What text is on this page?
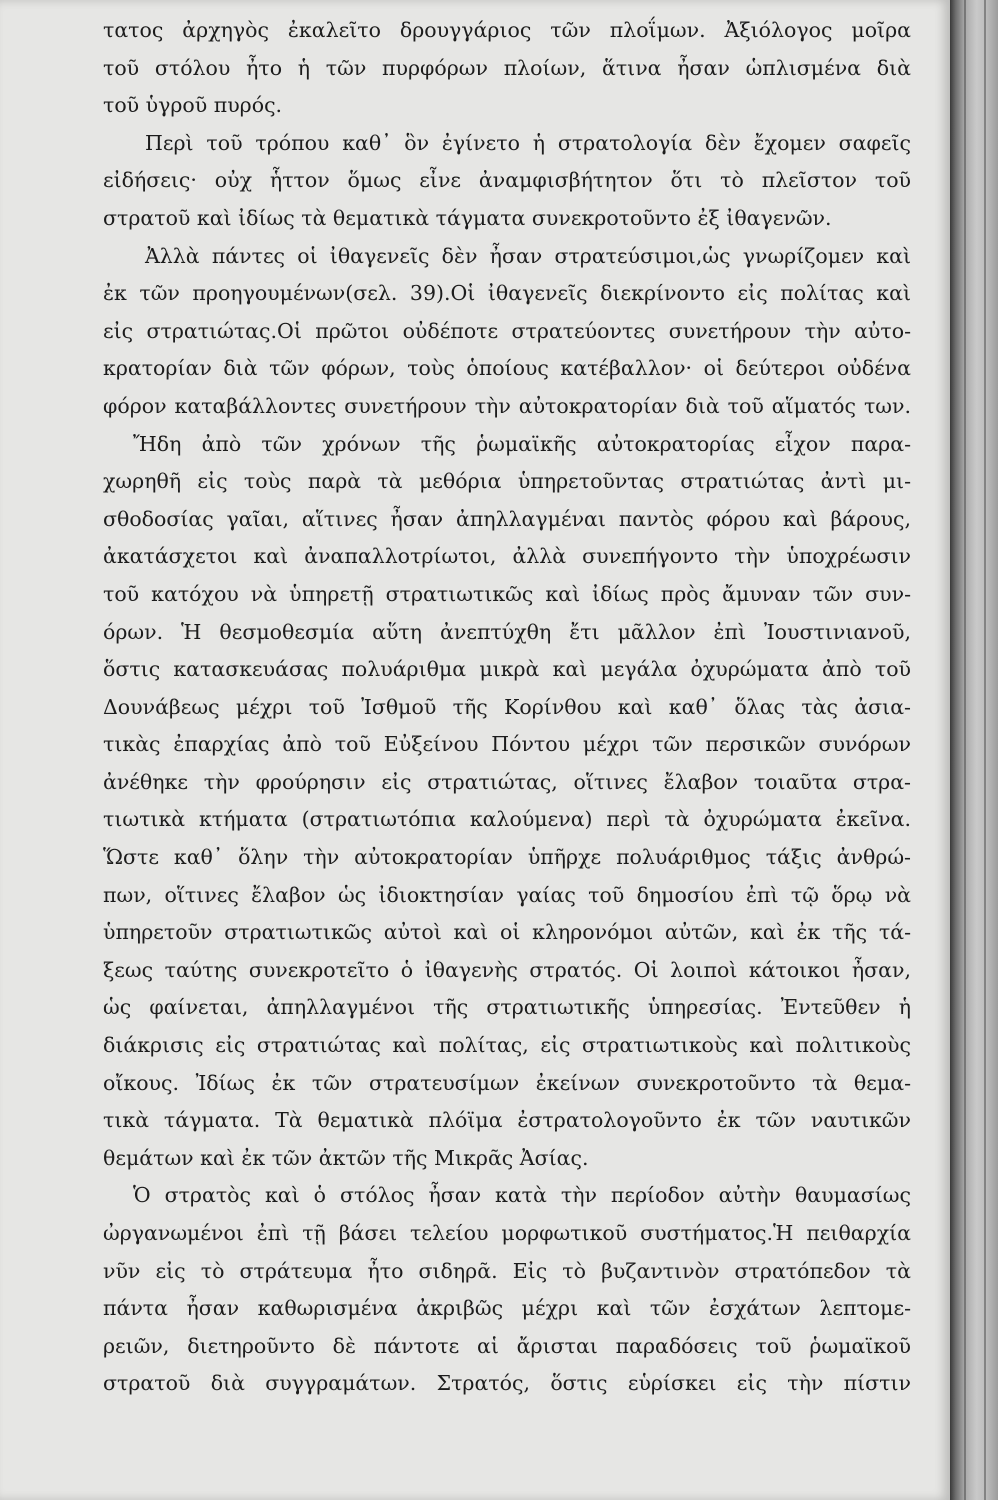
τατος ἀρχηγὸς ἐκαλεῖτο δρουγγάριος τῶν πλοΐμων. Ἀξιόλογος μοῖρα
τοῦ στόλου ἦτο ἡ τῶν πυρφόρων πλοίων, ἅτινα ἦσαν ὡπλισμένα διὰ
τοῦ ὑγροῦ πυρός.
Περὶ τοῦ τρόπου καθ᾽ ὃν ἐγίνετο ἡ στρατολογία δὲν ἔχομεν σαφεῖς
εἰδήσεις· οὐχ ἧττον ὅμως εἶνε ἀναμφισβήτητον ὅτι τὸ πλεῖστον τοῦ
στρατοῦ καὶ ἰδίως τὰ θεματικὰ τάγματα συνεκροτοῦντο ἐξ ἰθαγενῶν.
Ἀλλὰ πάντες οἱ ἰθαγενεῖς δὲν ἦσαν στρατεύσιμοι,ὡς γνωρίζομεν καὶ
ἐκ τῶν προηγουμένων(σελ. 39).Οἱ ἰθαγενεῖς διεκρίνοντο εἰς πολίτας καὶ
εἰς στρατιώτας.Οἱ πρῶτοι οὐδέποτε στρατεύοντες συνετήρουν τὴν αὐτο-
κρατορίαν διὰ τῶν φόρων, τοὺς ὁποίους κατέβαλλον· οἱ δεύτεροι οὐδένα
φόρον καταβάλλοντες συνετήρουν τὴν αὐτοκρατορίαν διὰ τοῦ αἵματός των.
Ἤδη ἀπὸ τῶν χρόνων τῆς ῥωμαϊκῆς αὐτοκρατορίας εἶχον παρα-
χωρηθῆ εἰς τοὺς παρὰ τὰ μεθόρια ὑπηρετοῦντας στρατιώτας ἀντὶ μι-
σθοδοσίας γαῖαι, αἵτινες ἦσαν ἀπηλλαγμέναι παντὸς φόρου καὶ βάρους,
ἀκατάσχετοι καὶ ἀναπαλλοτρίωτοι, ἀλλὰ συνεπήγοντο τὴν ὑποχρέωσιν
τοῦ κατόχου νὰ ὑπηρετῇ στρατιωτικῶς καὶ ἰδίως πρὸς ἄμυναν τῶν συν-
όρων. Ἡ θεσμοθεσμία αὕτη ἀνεπτύχθη ἔτι μᾶλλον ἐπὶ Ἰουστινιανοῦ,
ὅστις κατασκευάσας πολυάριθμα μικρὰ καὶ μεγάλα ὀχυρώματα ἀπὸ τοῦ
Δουνάβεως μέχρι τοῦ Ἰσθμοῦ τῆς Κορίνθου καὶ καθ᾽ ὅλας τὰς ἀσια-
τικὰς ἐπαρχίας ἀπὸ τοῦ Εὐξείνου Πόντου μέχρι τῶν περσικῶν συνόρων
ἀνέθηκε τὴν φρούρησιν εἰς στρατιώτας, οἵτινες ἔλαβον τοιαῦτα στρα-
τιωτικὰ κτήματα (στρατιωτόπια καλούμενα) περὶ τὰ ὀχυρώματα ἐκεῖνα.
Ὥστε καθ᾽ ὅλην τὴν αὐτοκρατορίαν ὑπῆρχε πολυάριθμος τάξις ἀνθρώ-
πων, οἵτινες ἔλαβον ὡς ἰδιοκτησίαν γαίας τοῦ δημοσίου ἐπὶ τῷ ὅρῳ νὰ
ὑπηρετοῦν στρατιωτικῶς αὐτοὶ καὶ οἱ κληρονόμοι αὐτῶν, καὶ ἐκ τῆς τά-
ξεως ταύτης συνεκροτεῖτο ὁ ἰθαγενὴς στρατός. Οἱ λοιποὶ κάτοικοι ἦσαν,
ὡς φαίνεται, ἀπηλλαγμένοι τῆς στρατιωτικῆς ὑπηρεσίας. Ἐντεῦθεν ἡ
διάκρισις εἰς στρατιώτας καὶ πολίτας, εἰς στρατιωτικοὺς καὶ πολιτικοὺς
οἴκους. Ἰδίως ἐκ τῶν στρατευσίμων ἐκείνων συνεκροτοῦντο τὰ θεμα-
τικὰ τάγματα. Τὰ θεματικὰ πλόϊμα ἐστρατολογοῦντο ἐκ τῶν ναυτικῶν
θεμάτων καὶ ἐκ τῶν ἀκτῶν τῆς Μικρᾶς Ἀσίας.
Ὁ στρατὸς καὶ ὁ στόλος ἦσαν κατὰ τὴν περίοδον αὐτὴν θαυμασίως
ὠργανωμένοι ἐπὶ τῇ βάσει τελείου μορφωτικοῦ συστήματος.Ἡ πειθαρχία
νῦν εἰς τὸ στράτευμα ἦτο σιδηρᾶ. Εἰς τὸ βυζαντινὸν στρατόπεδον τὰ
πάντα ἦσαν καθωρισμένα ἀκριβῶς μέχρι καὶ τῶν ἐσχάτων λεπτομε-
ρειῶν, διετηροῦντο δὲ πάντοτε αἱ ἄρισται παραδόσεις τοῦ ῥωμαϊκοῦ
στρατοῦ διὰ συγγραμάτων. Στρατός, ὅστις εὑρίσκει εἰς τὴν πίστιν
